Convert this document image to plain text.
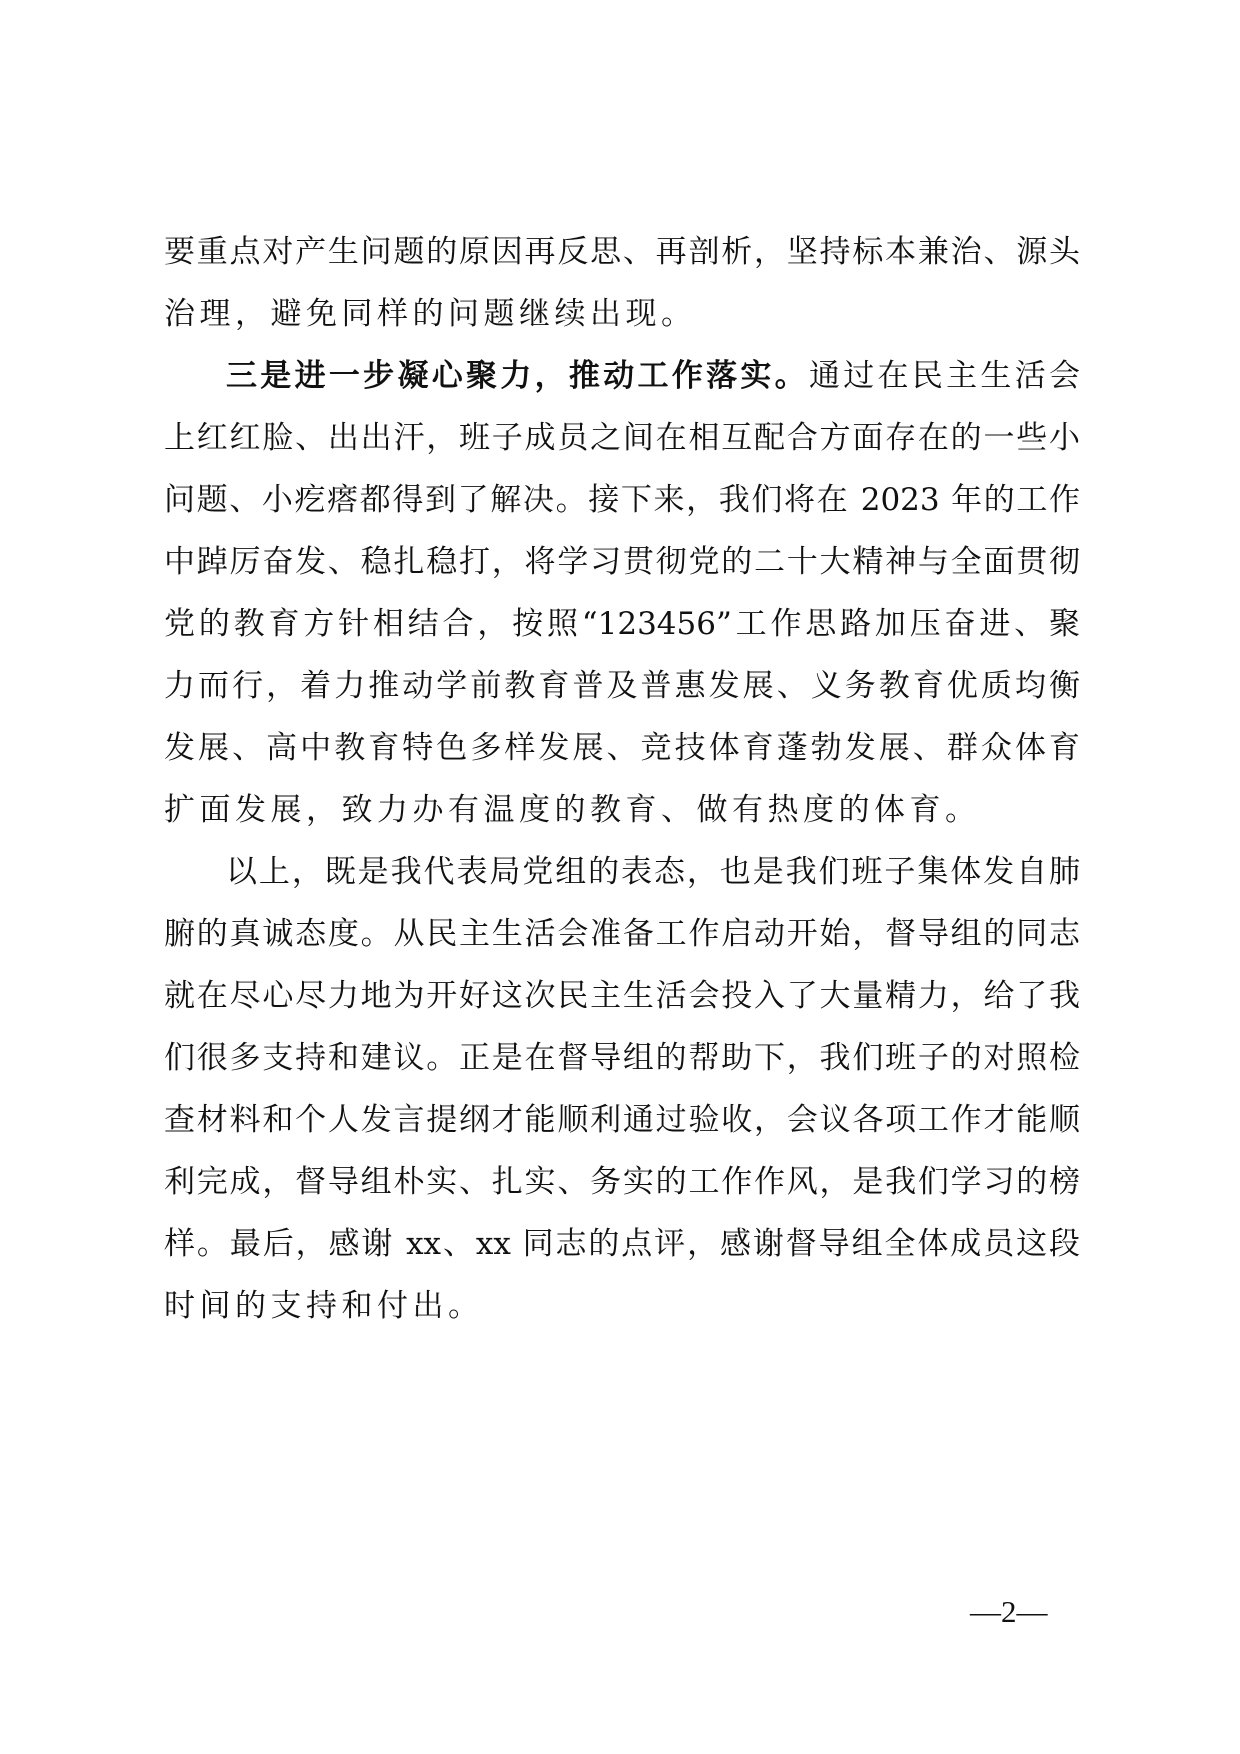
要重点对产生问题的原因再反思、再剖析，坚持标本兼治、源头
治理，避免同样的问题继续出现。
三是进一步凝心聚力，推动工作落实。通过在民主生活会
上红红脸、出出汗，班子成员之间在相互配合方面存在的一些小
问题、小疙瘩都得到了解决。接下来，我们将在 2023 年的工作
中踔厉奋发、稳扎稳打，将学习贯彻党的二十大精神与全面贯彻
党的教育方针相结合，按照“123456”工作思路加压奋进、聚
力而行，着力推动学前教育普及普惠发展、义务教育优质均衡
发展、高中教育特色多样发展、竞技体育蓬勃发展、群众体育
扩面发展，致力办有温度的教育、做有热度的体育。
以上，既是我代表局党组的表态，也是我们班子集体发自肺
腑的真诚态度。从民主生活会准备工作启动开始，督导组的同志
就在尽心尽力地为开好这次民主生活会投入了大量精力，给了我
们很多支持和建议。正是在督导组的帮助下，我们班子的对照检
查材料和个人发言提纲才能顺利通过验收，会议各项工作才能顺
利完成，督导组朴实、扎实、务实的工作作风，是我们学习的榜
样。最后，感谢 xx、xx 同志的点评，感谢督导组全体成员这段
时间的支持和付出。
—2—
